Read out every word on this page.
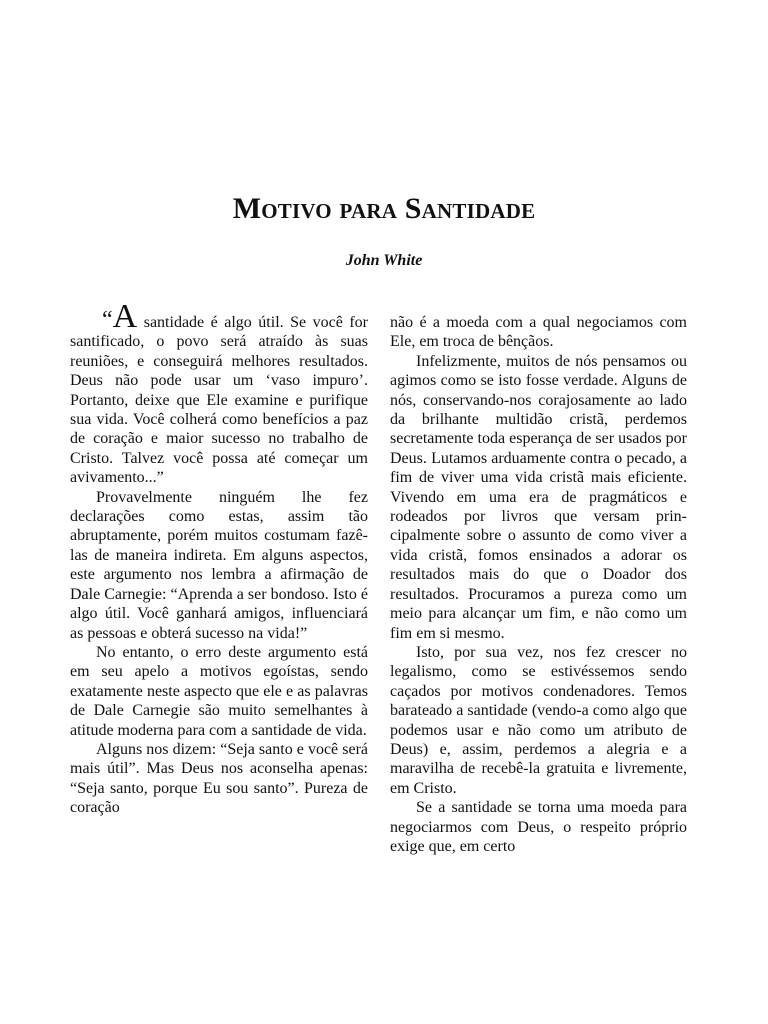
Motivo para Santidade
John White

“A santidade é algo útil. Se você for santificado, o povo será atraído às suas reuniões, e conseguirá melhores resultados. Deus não pode usar um ‘vaso impuro’. Portanto, deixe que Ele examine e purifique sua vida. Você colherá como benefícios a paz de coração e maior sucesso no trabalho de Cristo. Talvez você possa até começar um avivamento...”

Provavelmente ninguém lhe fez declarações como estas, assim tão abruptamente, porém muitos costumam fazê-las de maneira indireta. Em alguns aspectos, este argumento nos lembra a afirmação de Dale Carnegie: “Aprenda a ser bondoso. Isto é algo útil. Você ganhará amigos, influenciará as pessoas e obterá sucesso na vida!”

No entanto, o erro deste argumento está em seu apelo a motivos egoístas, sendo exatamente neste aspecto que ele e as palavras de Dale Carnegie são muito semelhantes à atitude moderna para com a santidade de vida.

Alguns nos dizem: “Seja santo e você será mais útil”. Mas Deus nos aconselha apenas: “Seja santo, porque Eu sou santo”. Pureza de coração

não é a moeda com a qual negociamos com Ele, em troca de bênçãos.

Infelizmente, muitos de nós pensamos ou agimos como se isto fosse verdade. Alguns de nós, conservando-nos corajosamente ao lado da brilhante multidão cristã, perdemos secretamente toda esperança de ser usados por Deus. Lutamos arduamente contra o pecado, a fim de viver uma vida cristã mais eficiente. Vivendo em uma era de pragmáticos e rodeados por livros que versam principalmente sobre o assunto de como viver a vida cristã, fomos ensinados a adorar os resultados mais do que o Doador dos resultados. Procuramos a pureza como um meio para alcançar um fim, e não como um fim em si mesmo.

Isto, por sua vez, nos fez crescer no legalismo, como se estivéssemos sendo caçados por motivos condenadores. Temos barateado a santidade (vendo-a como algo que podemos usar e não como um atributo de Deus) e, assim, perdemos a alegria e a maravilha de recebê-la gratuita e livremente, em Cristo.

Se a santidade se torna uma moeda para negociarmos com Deus, o respeito próprio exige que, em certo
